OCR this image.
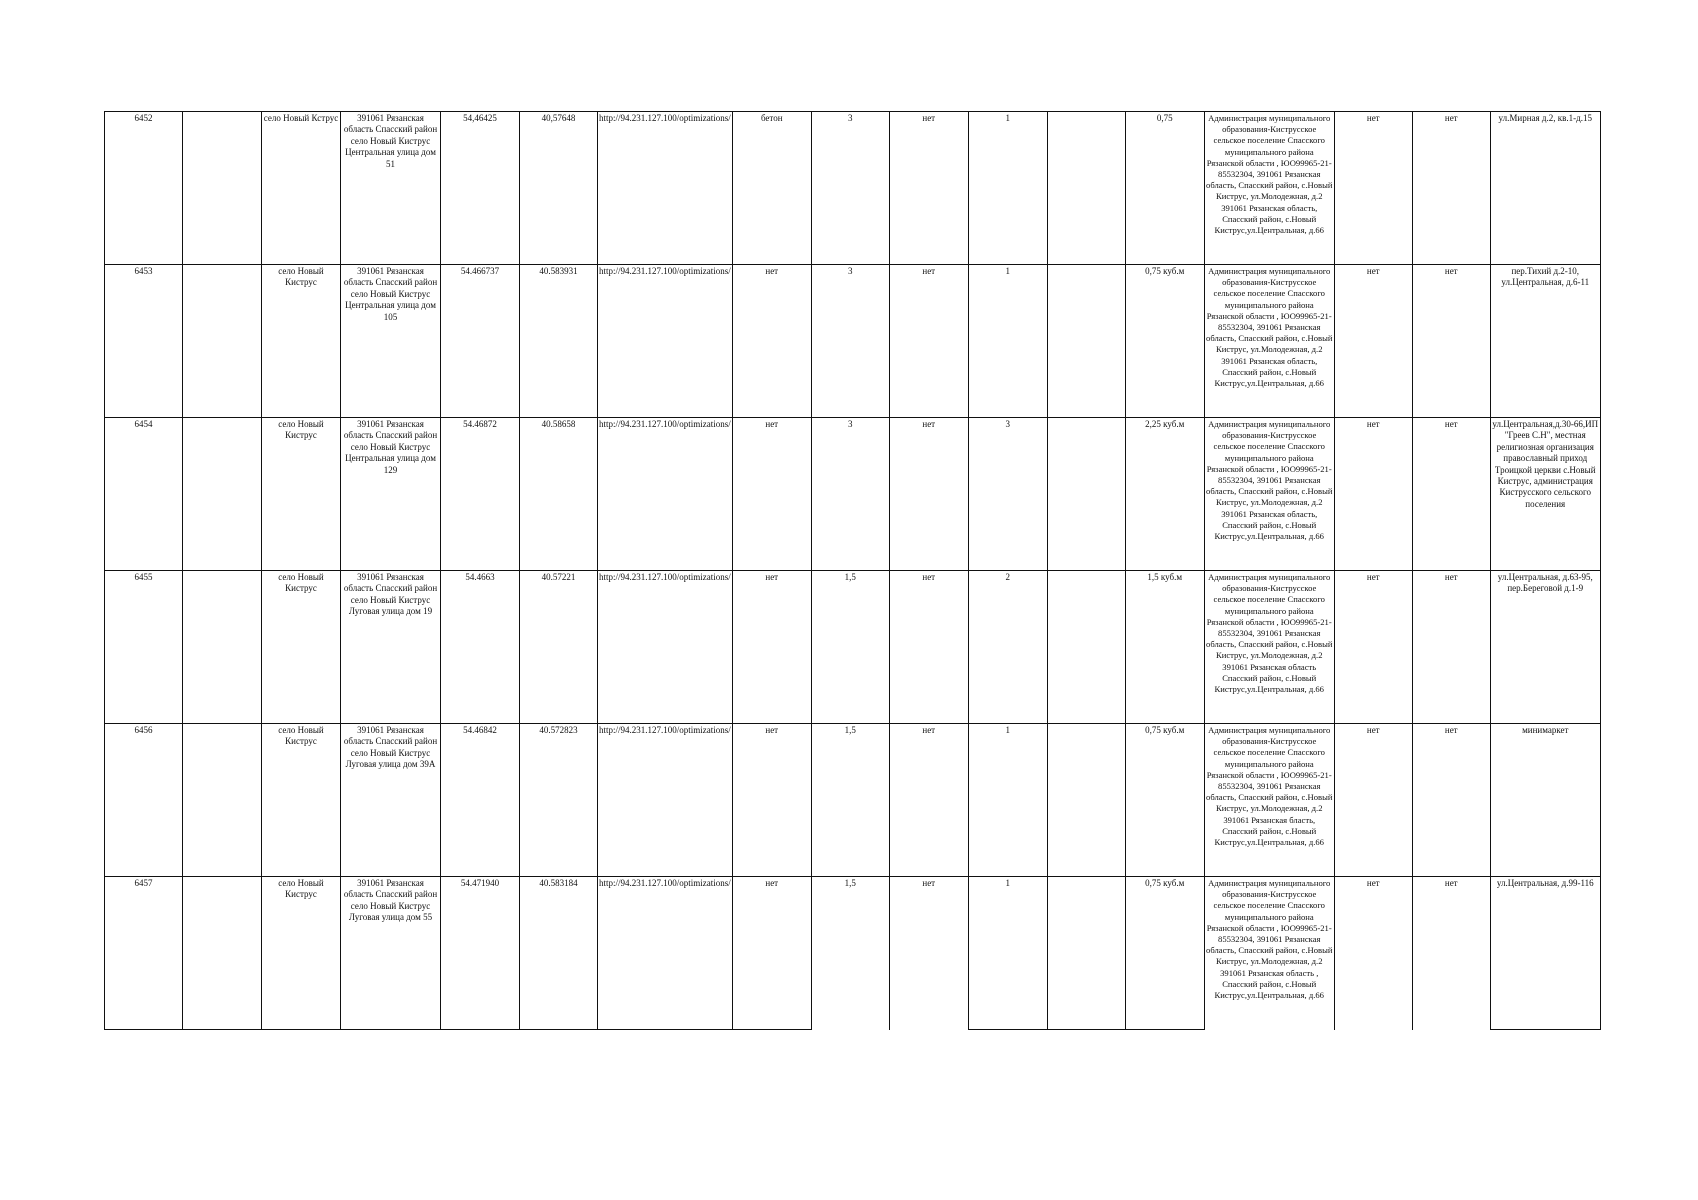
6452		село Новый Кструс	391061 Рязанская область Спасский район село Новый Киструс Центральная улица дом 51	54,46425	40,57648	http://94.231.127.100/optimizations/	бетон	3	нет	1		0,75	Администрация муниципального образования-Киструсское сельское поселение Спасского муниципального района Рязанской области , ЮО99965-21-85532304, 391061 Рязанская область, Спасский район, с.Новый Киструс, ул.Молодежная, д.2 391061 Рязанская область, Спасский район, с.Новый Киструс,ул.Центральная, д.66	нет	нет	ул.Мирная д.2, кв.1-д.15
6453		село Новый Киструс	391061 Рязанская область Спасский район село Новый Киструс Центральная улица дом 105	54.466737	40.583931	http://94.231.127.100/optimizations/	нет	3	нет	1		0,75 куб.м	Администрация муниципального образования-Киструсское сельское поселение Спасского муниципального района Рязанской области , ЮО99965-21-85532304, 391061 Рязанская область, Спасский район, с.Новый Киструс, ул.Молодежная, д.2 391061 Рязанская область, Спасский район, с.Новый Киструс,ул.Центральная, д.66	нет	нет	пер.Тихий д.2-10, ул.Центральная, д.6-11
6454		село Новый Киструс	391061 Рязанская область Спасский район село Новый Киструс Центральная улица дом 129	54.46872	40.58658	http://94.231.127.100/optimizations/	нет	3	нет	3		2,25 куб.м	Администрация муниципального образования-Киструсское сельское поселение Спасского муниципального района Рязанской области , ЮО99965-21-85532304, 391061 Рязанская область, Спасский район, с.Новый Киструс, ул.Молодежная, д.2 391061 Рязанская область, Спасский район, с.Новый Киструс,ул.Центральная, д.66	нет	нет	ул.Центральная,д.30-66,ИП "Греев С.Н", местная религиозная организация православный приход Троицкой церкви с.Новый Киструс, администрация Киструсского сельского поселения
6455		село Новый Киструс	391061 Рязанская область Спасский район село Новый Киструс Луговая улица дом 19	54.4663	40.57221	http://94.231.127.100/optimizations/	нет	1,5	нет	2		1,5 куб.м	Администрация муниципального образования-Киструсское сельское поселение Спасского муниципального района Рязанской области , ЮО99965-21-85532304, 391061 Рязанская область, Спасский район, с.Новый Киструс, ул.Молодежная, д.2 391061 Рязанская область Спасский район, с.Новый Киструс,ул.Центральная, д.66	нет	нет	ул.Центральная, д.63-95, пер.Береговой д.1-9
6456		село Новый Киструс	391061 Рязанская область Спасский район село Новый Киструс Луговая улица дом 39А	54.46842	40.572823	http://94.231.127.100/optimizations/	нет	1,5	нет	1		0,75 куб.м	Администрация муниципального образования-Киструсское сельское поселение Спасского муниципального района Рязанской области , ЮО99965-21-85532304, 391061 Рязанская область, Спасский район, с.Новый Киструс, ул.Молодежная, д.2 391061 Рязанская бласть, Спасский район, с.Новый Киструс,ул.Центральная, д.66	нет	нет	минимаркет
6457		село Новый Киструс	391061 Рязанская область Спасский район село Новый Киструс Луговая улица дом 55	54.471940	40.583184	http://94.231.127.100/optimizations/	нет	1,5	нет	1		0,75 куб.м	Администрация муниципального образования-Киструсское сельское поселение Спасского муниципального района Рязанской области , ЮО99965-21-85532304, 391061 Рязанская область, Спасский район, с.Новый Киструс, ул.Молодежная, д.2 391061 Рязанская область , Спасский район, с.Новый Киструс,ул.Центральная, д.66	нет	нет	ул.Центральная, д.99-116
